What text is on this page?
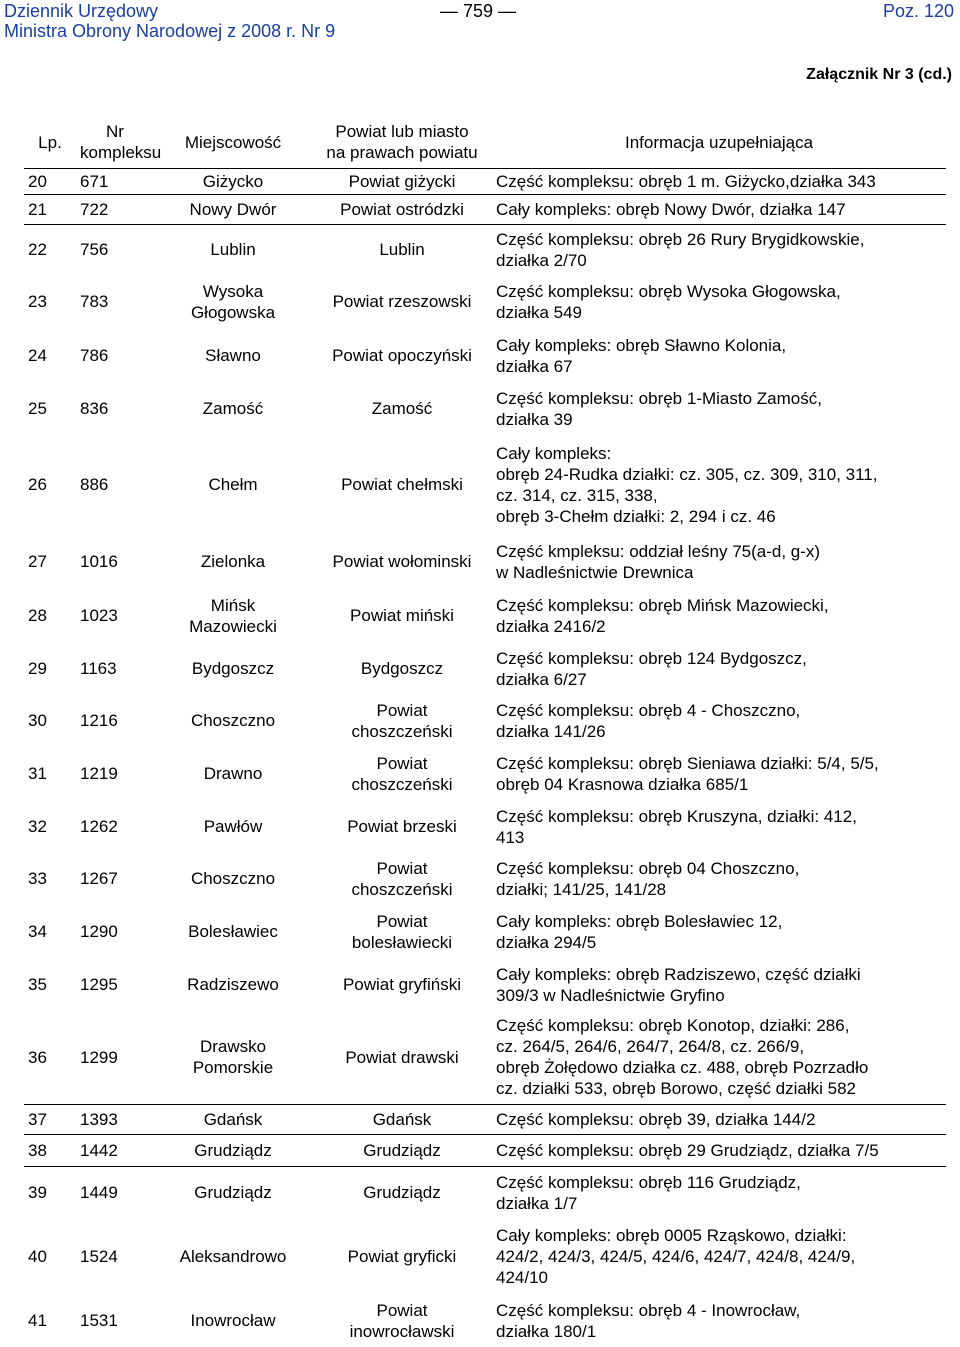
Dziennik Urzędowy
Ministra Obrony Narodowej z 2008 r. Nr 9
— 759 —	Poz. 120
Załącznik Nr 3 (cd.)
Lp.	Nr
kompleksu	Miejscowość	Powiat lub miasto
na prawach powiatu	Informacja uzupełniająca
20	671	Giżycko	Powiat giżycki	Część kompleksu: obręb 1 m. Giżycko,działka 343
21	722	Nowy Dwór	Powiat ostródzki	Cały kompleks: obręb Nowy Dwór, działka 147
22	756	Lublin	Lublin	Część kompleksu: obręb 26 Rury Brygidkowskie,
działka 2/70
23	783	Wysoka
Głogowska	Powiat rzeszowski	Część kompleksu: obręb Wysoka Głogowska,
działka 549
24	786	Sławno	Powiat opoczyński	Cały kompleks: obręb Sławno Kolonia,
działka 67
25	836	Zamość	Zamość	Część kompleksu: obręb 1-Miasto Zamość,
działka 39
26	886	Chełm	Powiat chełmski	Cały kompleks:
obręb 24-Rudka działki: cz. 305, cz. 309, 310, 311,
cz. 314, cz. 315, 338,
obręb 3-Chełm działki: 2, 294 i cz. 46
27	1016	Zielonka	Powiat wołominski	Część kmpleksu: oddział leśny 75(a-d, g-x)
w Nadleśnictwie Drewnica
28	1023	Mińsk
Mazowiecki	Powiat miński	Część kompleksu: obręb Mińsk Mazowiecki,
działka 2416/2
29	1163	Bydgoszcz	Bydgoszcz	Część kompleksu: obręb 124 Bydgoszcz,
działka 6/27
30	1216	Choszczno	Powiat
choszczeński	Część kompleksu: obręb 4 - Choszczno,
działka 141/26
31	1219	Drawno	Powiat
choszczeński	Część kompleksu: obręb Sieniawa działki: 5/4, 5/5,
obręb 04 Krasnowa działka 685/1
32	1262	Pawłów	Powiat brzeski	Część kompleksu: obręb Kruszyna, działki: 412,
413
33	1267	Choszczno	Powiat
choszczeński	Część kompleksu: obręb 04 Choszczno,
działki; 141/25, 141/28
34	1290	Bolesławiec	Powiat
bolesławiecki	Cały kompleks: obręb Bolesławiec 12,
działka 294/5
35	1295	Radziszewo	Powiat gryfiński	Cały kompleks: obręb Radziszewo, część działki
309/3 w Nadleśnictwie Gryfino
36	1299	Drawsko
Pomorskie	Powiat drawski	Część kompleksu: obręb Konotop, działki: 286,
cz. 264/5, 264/6, 264/7, 264/8, cz. 266/9,
obręb Żołędowo działka cz. 488, obręb Pozrzadło
cz. działki 533, obręb Borowo, część działki 582
37	1393	Gdańsk	Gdańsk	Część kompleksu: obręb 39, działka 144/2
38	1442	Grudziądz	Grudziądz	Część kompleksu: obręb 29 Grudziądz, działka 7/5
39	1449	Grudziądz	Grudziądz	Część kompleksu: obręb 116 Grudziądz,
działka 1/7
40	1524	Aleksandrowo	Powiat gryficki	Cały kompleks: obręb 0005 Rząskowo, działki:
424/2, 424/3, 424/5, 424/6, 424/7, 424/8, 424/9,
424/10
41	1531	Inowrocław	Powiat
inowrocławski	Część kompleksu: obręb 4 - Inowrocław,
działka 180/1
